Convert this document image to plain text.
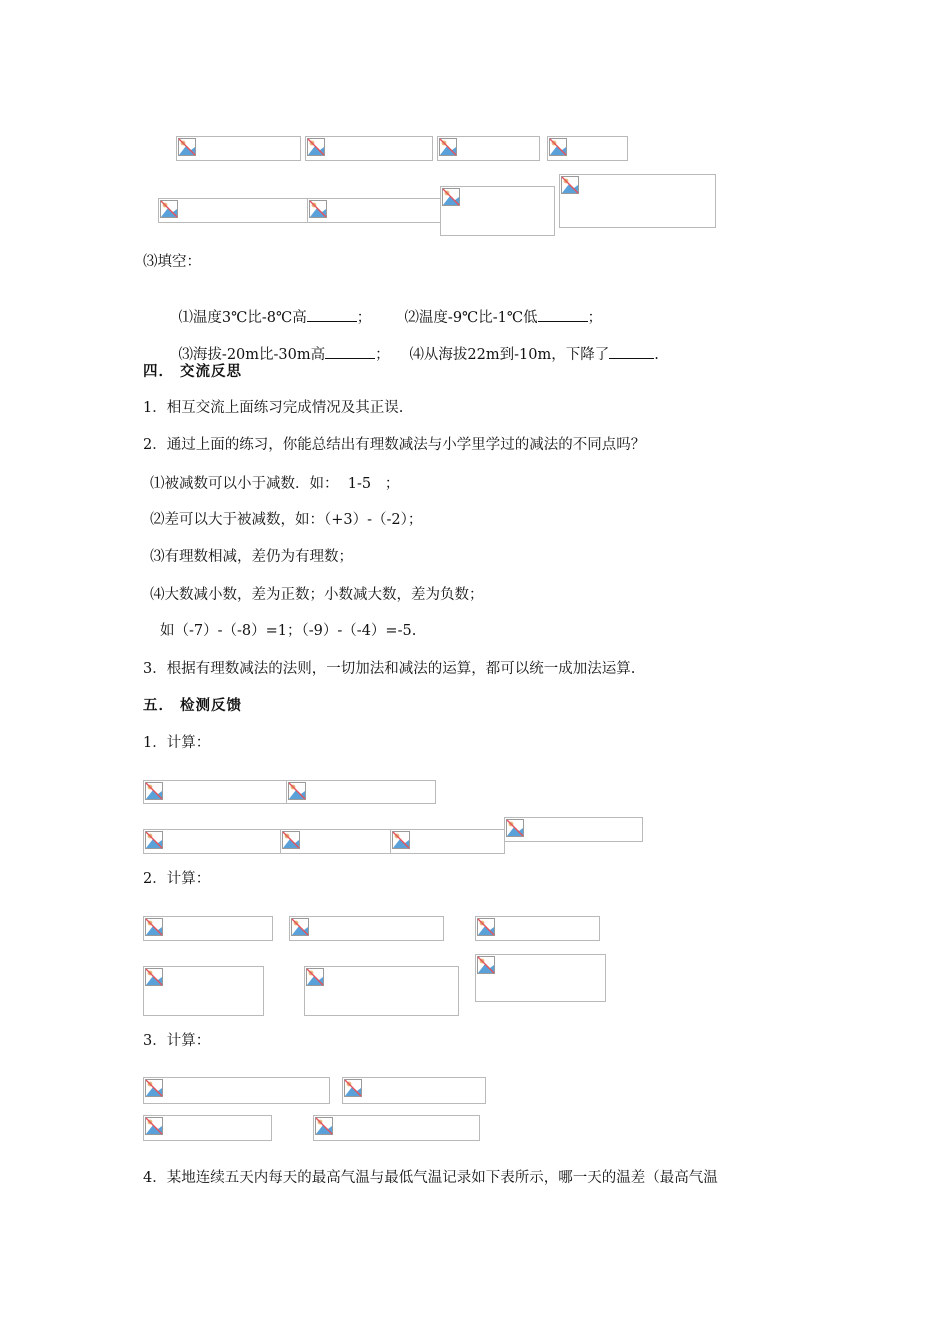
⑶填空：

⑴温度3℃比-8℃高	；
	⑵温度-9℃比-1℃低	；

⑶海拔-20m比-30m高	；
	⑷从海拔22m到-10m，下降了	.

四． 交流反思
1．相互交流上面练习完成情况及其正误.
2．通过上面的练习，你能总结出有理数减法与小学里学过的减法的不同点吗？
⑴被减数可以小于减数．如：  1-5   ；
⑵差可以大于被减数，如：（+3）-（-2）；
⑶有理数相减，差仍为有理数；
⑷大数减小数，差为正数；小数减大数，差为负数；
如（-7）-（-8）=1；（-9）-（-4）=-5.
3．根据有理数减法的法则，一切加法和减法的运算，都可以统一成加法运算.
五． 检测反馈
1．计算：
2．计算：
3．计算：
4．某地连续五天内每天的最高气温与最低气温记录如下表所示，哪一天的温差（最高气温
